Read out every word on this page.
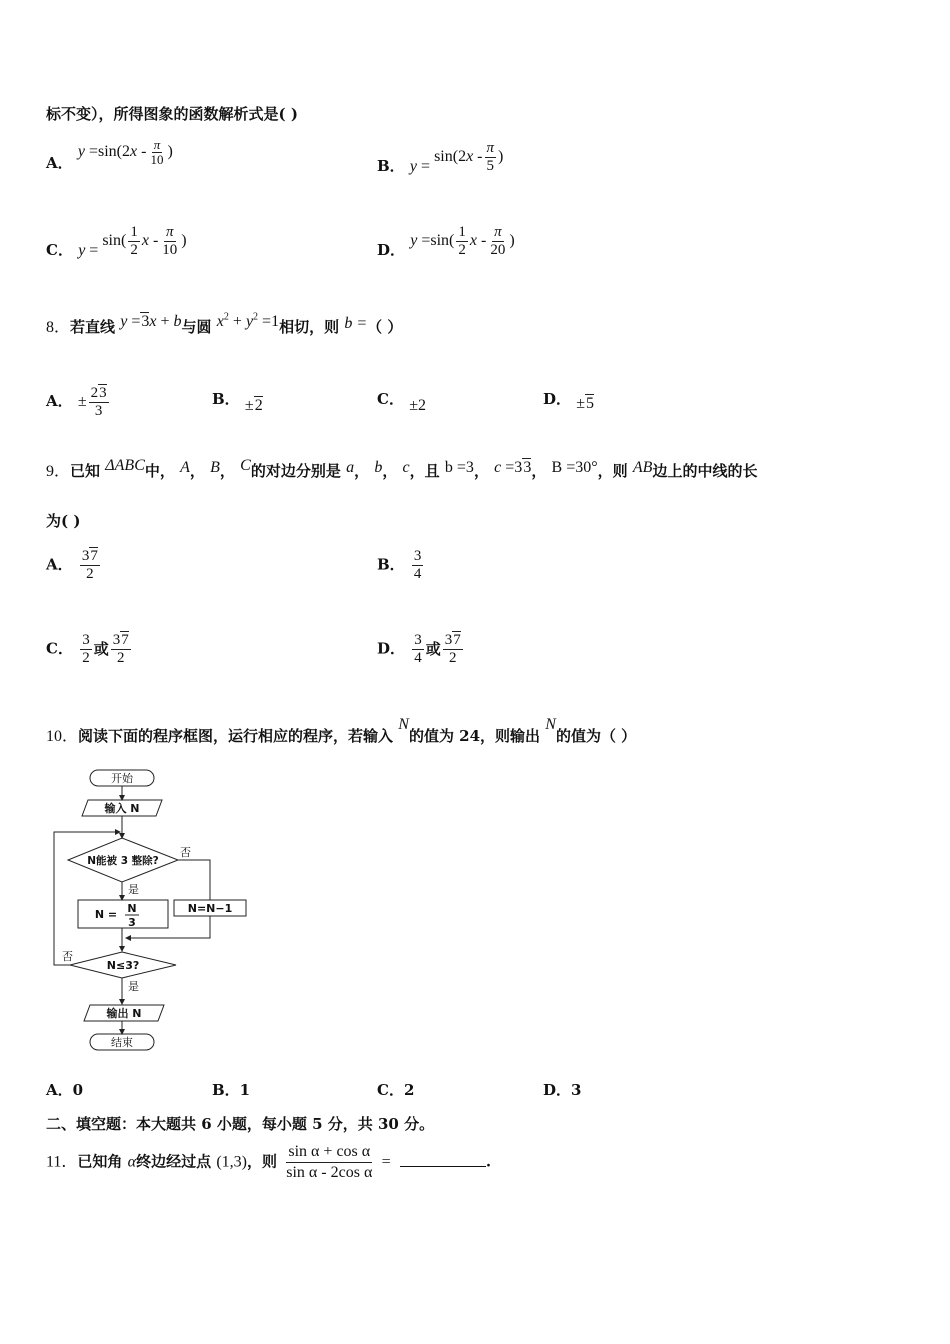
标不变），所得图象的函数解析式是( )
A． $y =\sin(2x - \frac{\pi}{10}$ )
B． $y = \sin(2x - \frac{\pi}{5}$ )
C． $y = \sin( \frac{1}{2}$ x - $\frac{\pi}{10}$ )
D． $y =\sin( \frac{1}{2}$ x - $\frac{\pi}{20}$ )
8．若直线 y =3x + b与圆 $x^2 + y^2 =1$相切，则 b =（ ）
A． ± $\frac{23}{3}$	B． ±2	C． ±2	D． ±5
9．已知 ΔABC中， A， B， C的对边分别是 a， b， c，且 b =3， c =33， B =30°，则 AB边上的中线的长
为( )
A． $\frac{37}{2}$	B． $\frac{3}{4}$
C． $\frac{3}{2}$ 或 $\frac{37}{2}$	D． $\frac{3}{4}$ 或 $\frac{37}{2}$
10．阅读下面的程序框图，运行相应的程序，若输入 N的值为 24，则输出 N的值为（ ）
开始
输入 N
N能被 3 整除?
否
是
N = N
3
N=N−1
N≤3?
否
是
输出 N
结束
A．0	B．1	C．2	D．3
二、填空题：本大题共 6 小题，每小题 5 分，共 30 分。
11．已知角 α终边经过点 (1,3)，则 $\frac{\text{sin α + cos α}}{\text{sin α - 2cos α}}$ =	.
